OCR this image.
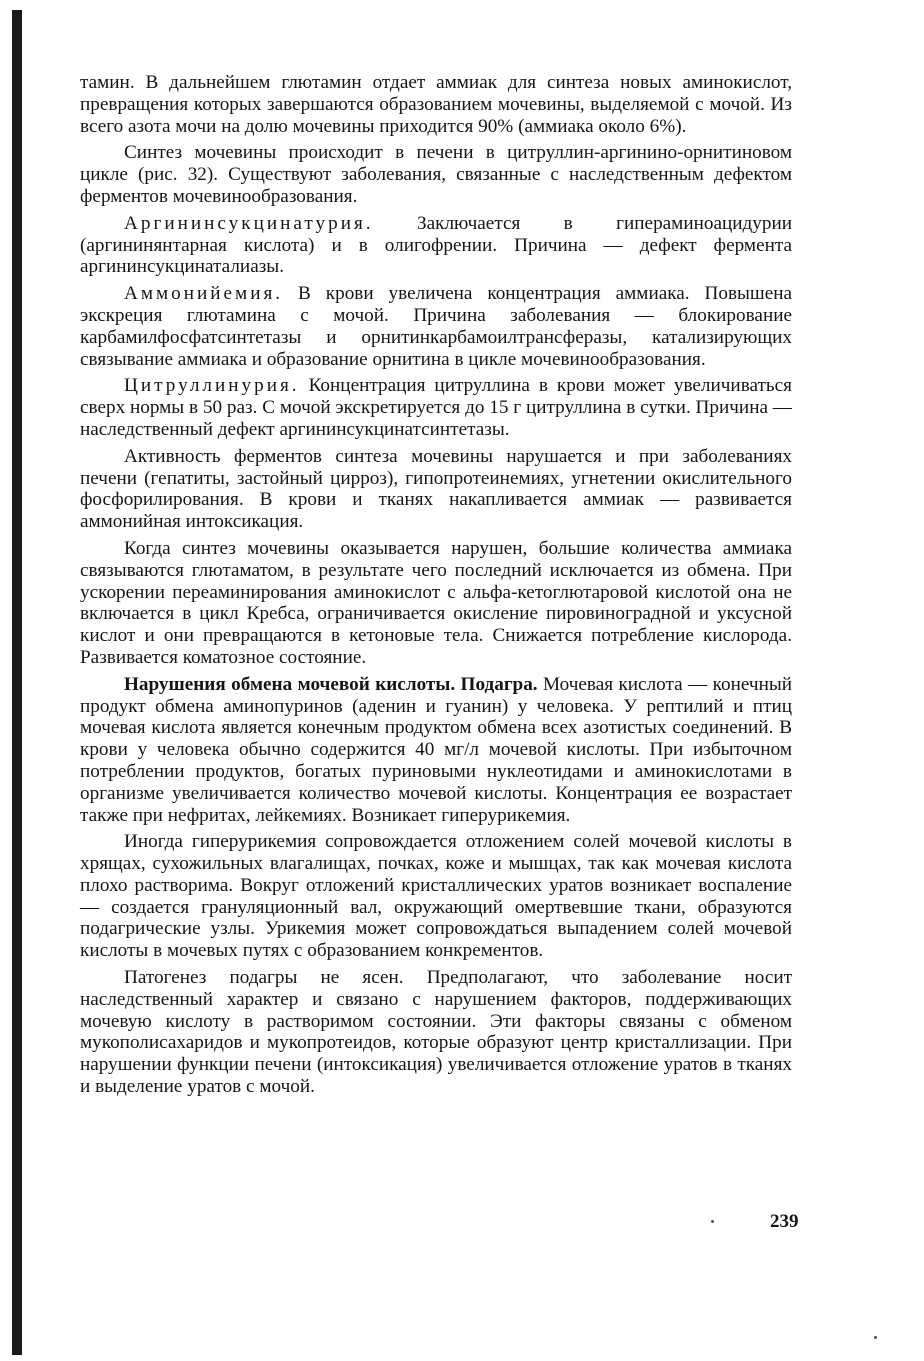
тамин. В дальнейшем глютамин отдает аммиак для синтеза новых аминокислот, превращения которых завершаются образованием мочевины, выделяемой с мочой. Из всего азота мочи на долю мочевины приходится 90% (аммиака около 6%).

Синтез мочевины происходит в печени в цитруллин-аргинино-орнитиновом цикле (рис. 32). Существуют заболевания, связанные с наследственным дефектом ферментов мочевинообразования.

Аргининсукцинатурия. Заключается в гипераминоацидурии (аргининянтарная кислота) и в олигофрении. Причина — дефект фермента аргининсукцинаталиазы.

Аммонийемия. В крови увеличена концентрация аммиака. Повышена экскреция глютамина с мочой. Причина заболевания — блокирование карбамилфосфатсинтетазы и орнитинкарбамоилтрансферазы, катализирующих связывание аммиака и образование орнитина в цикле мочевинообразования.

Цитруллинурия. Концентрация цитруллина в крови может увеличиваться сверх нормы в 50 раз. С мочой экскретируется до 15 г цитруллина в сутки. Причина — наследственный дефект аргининсукцинатсинтетазы.

Активность ферментов синтеза мочевины нарушается и при заболеваниях печени (гепатиты, застойный цирроз), гипопротеинемиях, угнетении окислительного фосфорилирования. В крови и тканях накапливается аммиак — развивается аммонийная интоксикация.

Когда синтез мочевины оказывается нарушен, большие количества аммиака связываются глютаматом, в результате чего последний исключается из обмена. При ускорении переаминирования аминокислот с альфа-кетоглютаровой кислотой она не включается в цикл Кребса, ограничивается окисление пировиноградной и уксусной кислот и они превращаются в кетоновые тела. Снижается потребление кислорода. Развивается коматозное состояние.

Нарушения обмена мочевой кислоты. Подагра. Мочевая кислота — конечный продукт обмена аминопуринов (аденин и гуанин) у человека. У рептилий и птиц мочевая кислота является конечным продуктом обмена всех азотистых соединений. В крови у человека обычно содержится 40 мг/л мочевой кислоты. При избыточном потреблении продуктов, богатых пуриновыми нуклеотидами и аминокислотами в организме увеличивается количество мочевой кислоты. Концентрация ее возрастает также при нефритах, лейкемиях. Возникает гиперурикемия.

Иногда гиперурикемия сопровождается отложением солей мочевой кислоты в хрящах, сухожильных влагалищах, почках, коже и мышцах, так как мочевая кислота плохо растворима. Вокруг отложений кристаллических уратов возникает воспаление — создается грануляционный вал, окружающий омертвевшие ткани, образуются подагрические узлы. Урикемия может сопровождаться выпадением солей мочевой кислоты в мочевых путях с образованием конкрементов.

Патогенез подагры не ясен. Предполагают, что заболевание носит наследственный характер и связано с нарушением факторов, поддерживающих мочевую кислоту в растворимом состоянии. Эти факторы связаны с обменом мукополисахаридов и мукопротеидов, которые образуют центр кристаллизации. При нарушении функции печени (интоксикация) увеличивается отложение уратов в тканях и выделение уратов с мочой.

239
